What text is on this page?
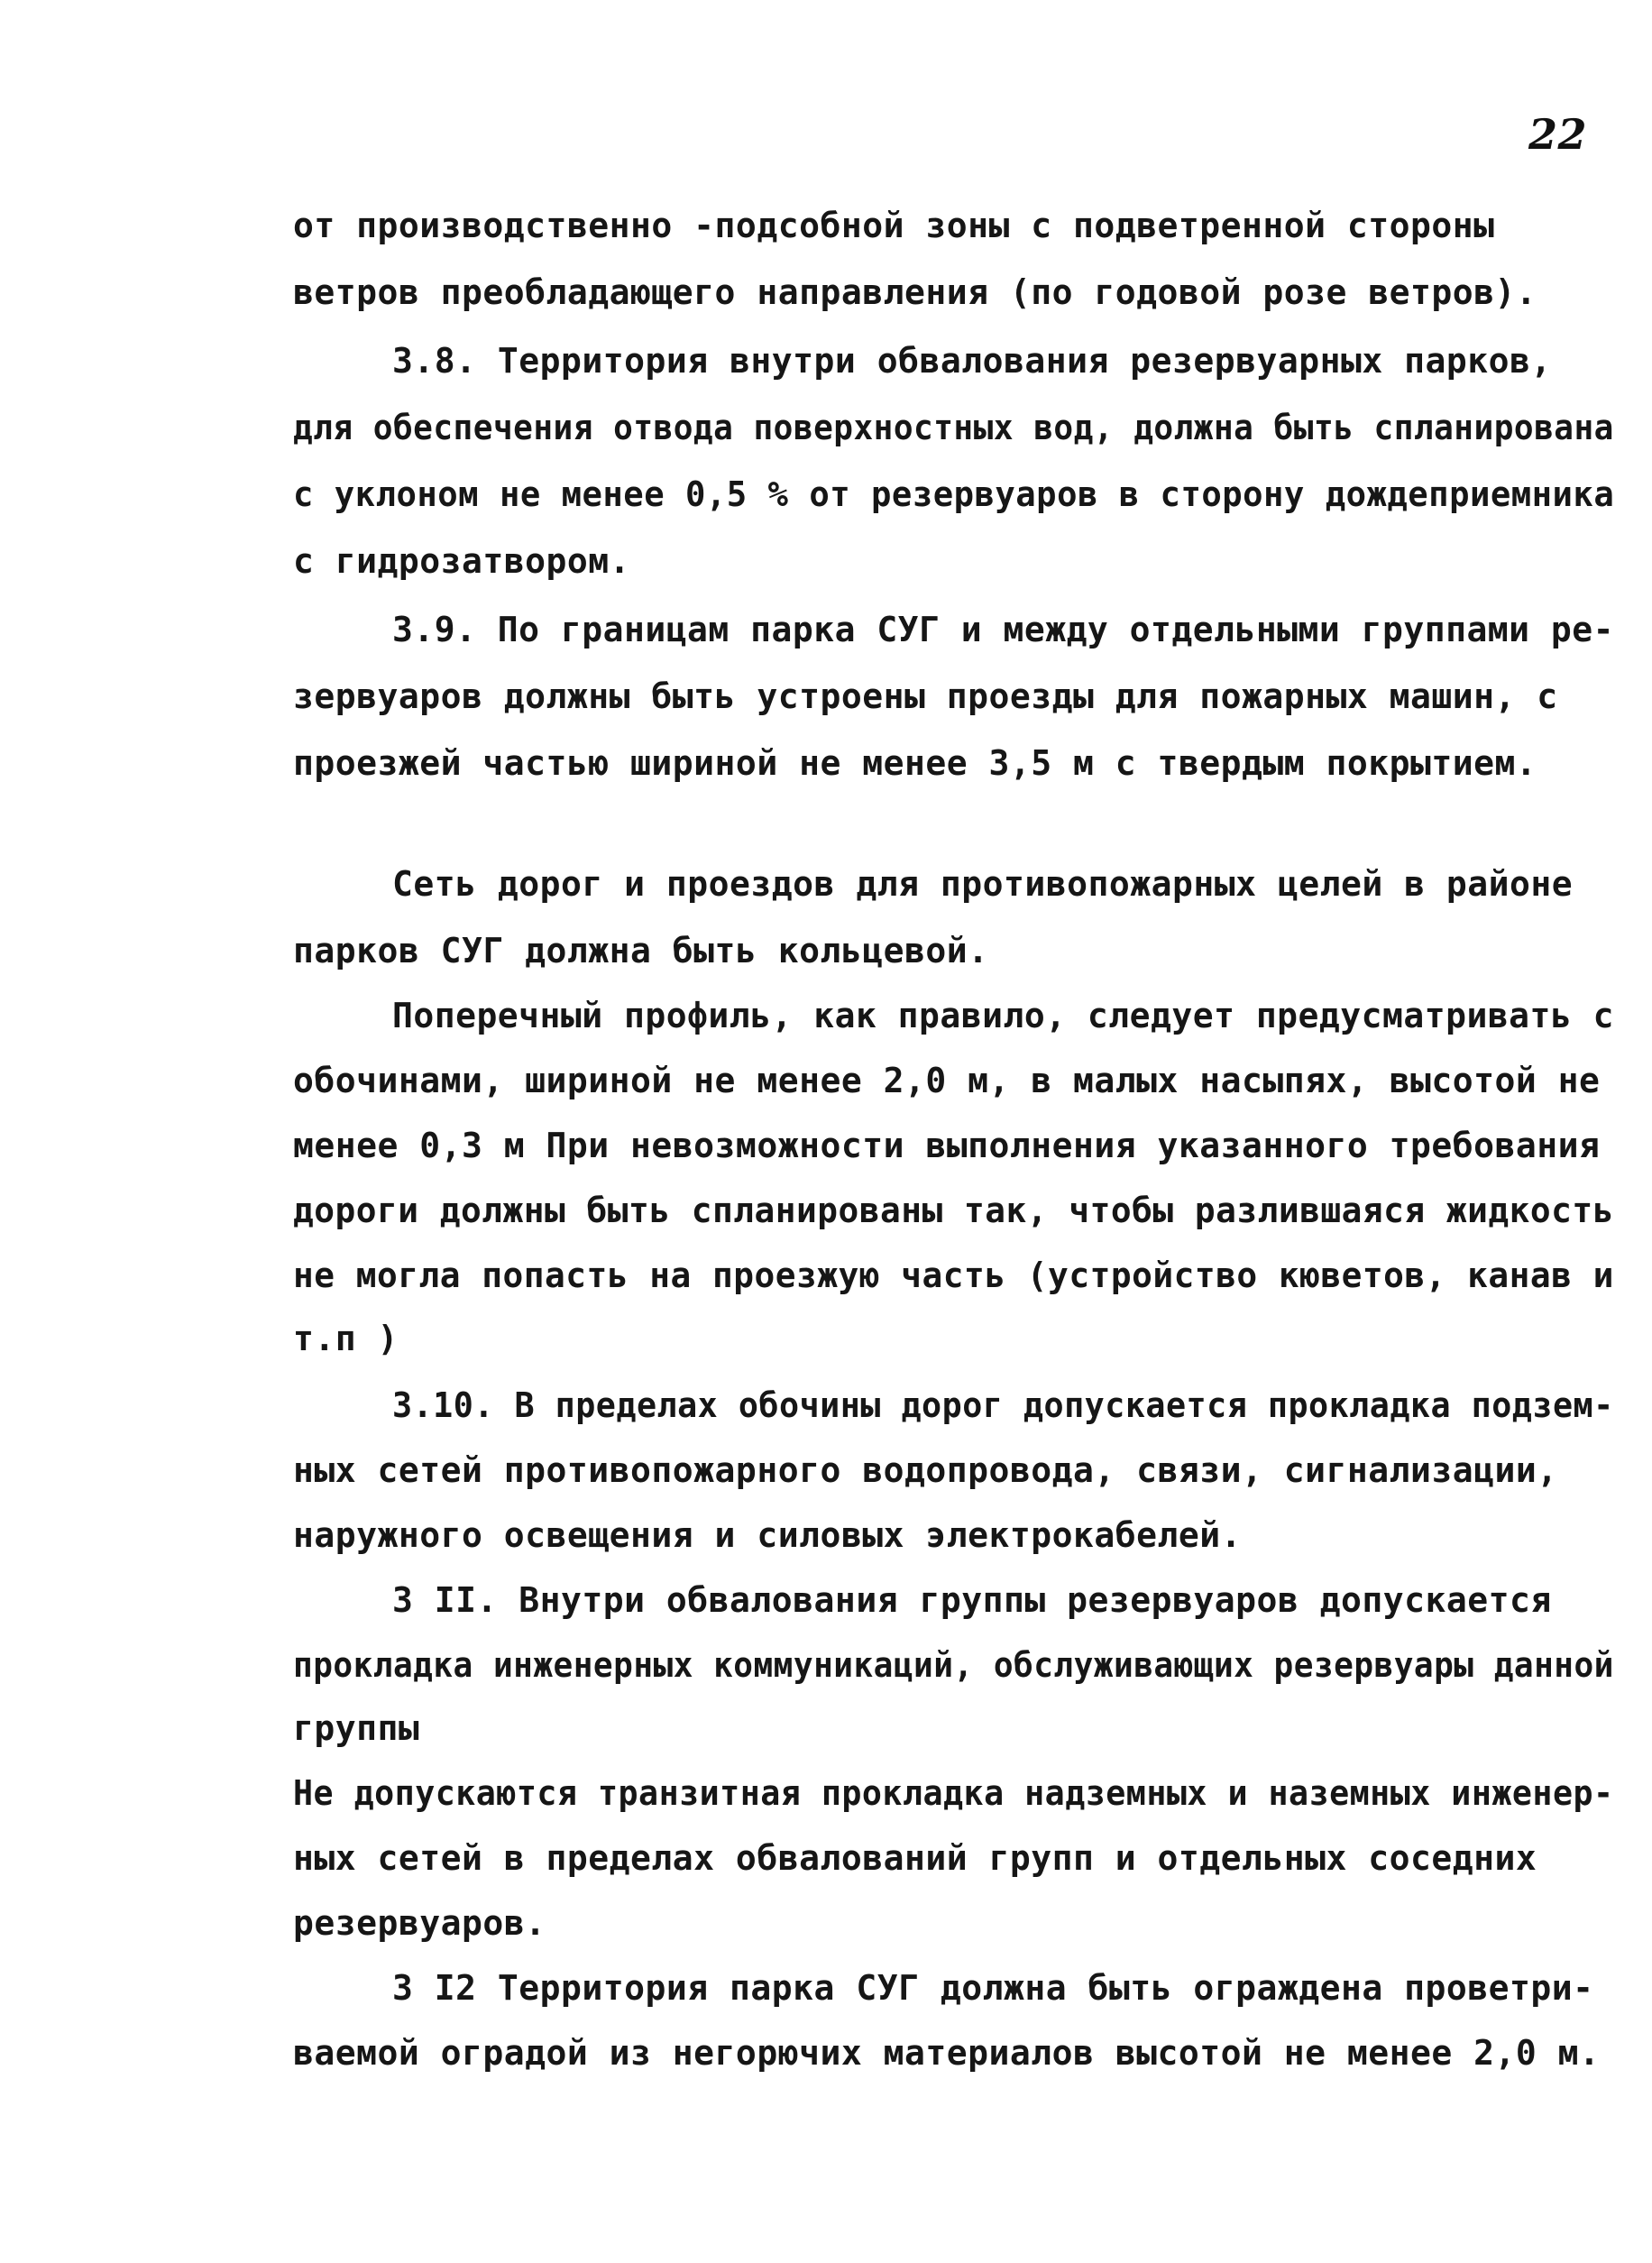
22
от производственно -подсобной зоны с подветренной стороны
ветров преобладающего направления (по годовой розе ветров).
3.8. Территория внутри обвалования резервуарных парков,
для обеспечения отвода поверхностных вод, должна быть спланирована
с уклоном не менее 0,5 % от резервуаров в сторону дождеприемника
с гидрозатвором.
3.9. По границам парка СУГ и между отдельными группами ре-
зервуаров должны быть устроены проезды для пожарных машин, с
проезжей частью шириной не менее 3,5 м с твердым покрытием.
Сеть дорог и проездов для противопожарных целей в районе
парков СУГ должна быть кольцевой.
Поперечный профиль, как правило, следует предусматривать с
обочинами, шириной не менее 2,0 м, в малых насыпях, высотой не
менее 0,3 м При невозможности выполнения указанного требования
дороги должны быть спланированы так, чтобы разлившаяся жидкость
не могла попасть на проезжую часть (устройство кюветов, канав и
т.п )
3.10. В пределах обочины дорог допускается прокладка подзем-
ных сетей противопожарного водопровода, связи, сигнализации,
наружного освещения и силовых электрокабелей.
3 II. Внутри обвалования группы резервуаров допускается
прокладка инженерных коммуникаций, обслуживающих резервуары данной
группы
Не допускаются транзитная прокладка надземных и наземных инженер-
ных сетей в пределах обвалований групп и отдельных соседних
резервуаров.
3 I2 Территория парка СУГ должна быть ограждена проветри-
ваемой оградой из негорючих материалов высотой не менее 2,0 м.
